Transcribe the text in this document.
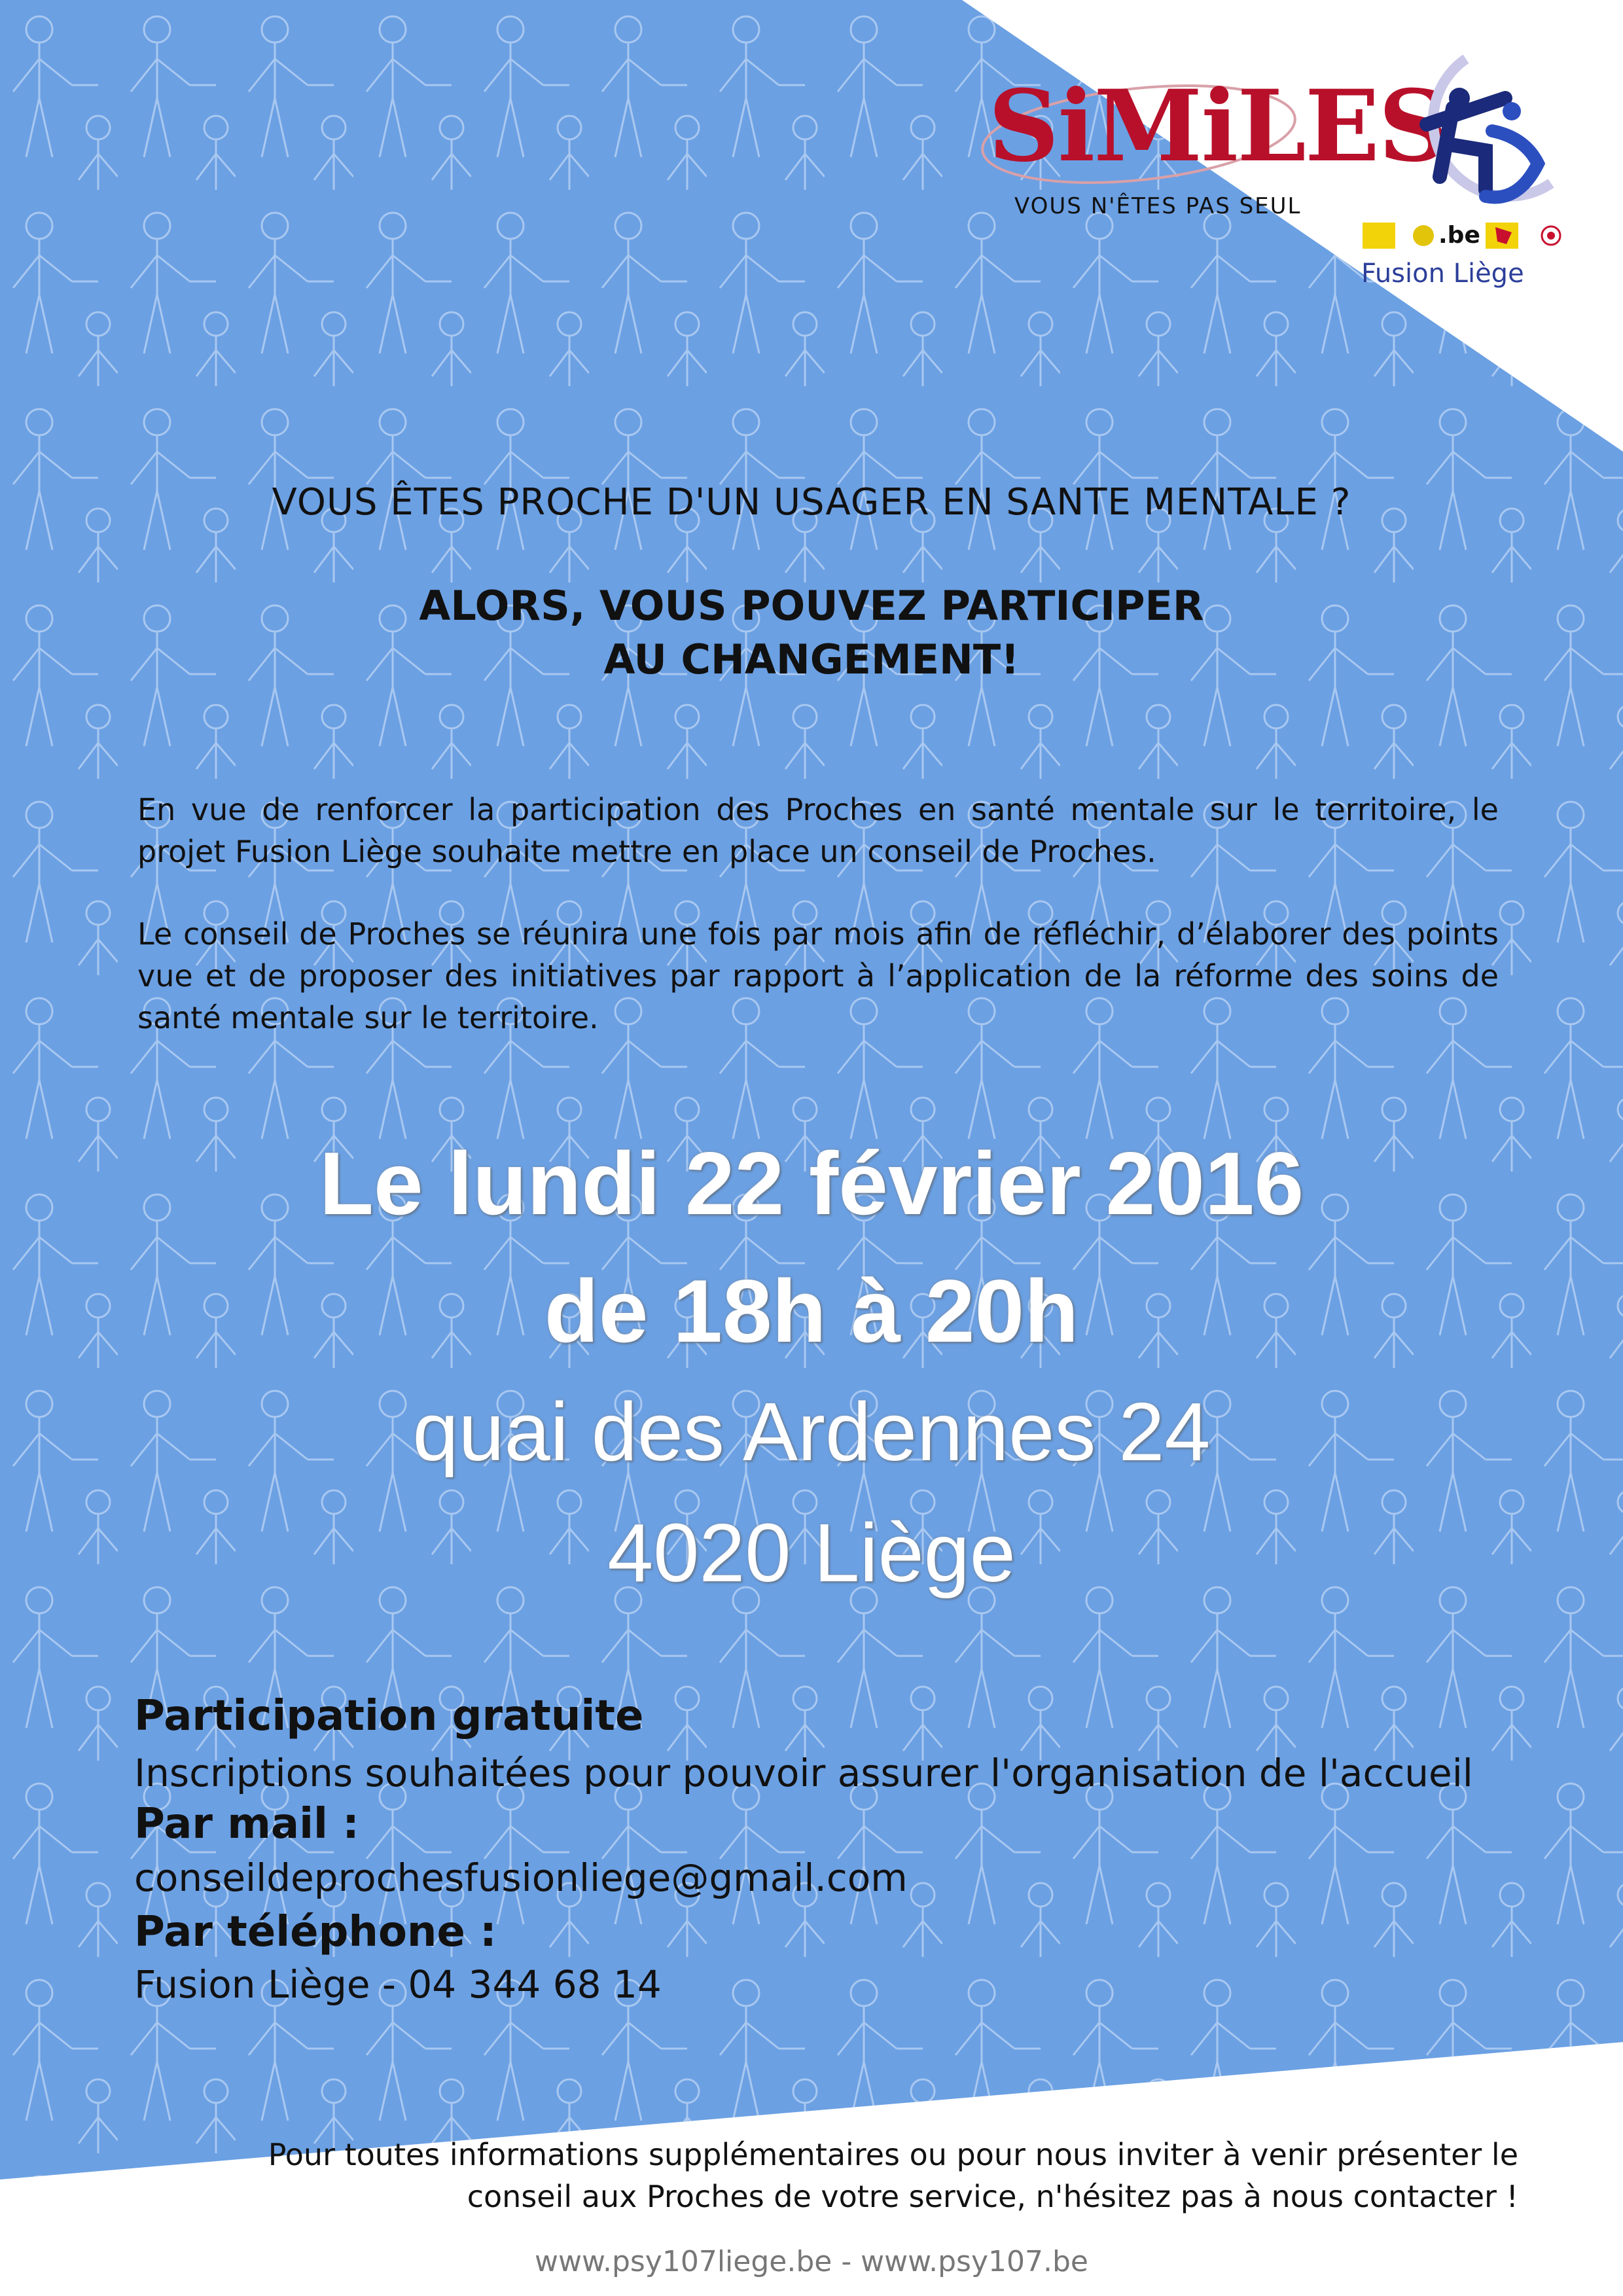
SiMiLES
VOUS N'ÊTES PAS SEUL
.be
Fusion Liège
VOUS ÊTES PROCHE D'UN USAGER EN SANTE MENTALE ?
ALORS, VOUS POUVEZ PARTICIPER
AU CHANGEMENT!
En vue de renforcer la participation des Proches en santé mentale sur le territoire, le projet Fusion Liège souhaite mettre en place un conseil de Proches.
Le conseil de Proches se réunira une fois par mois afin de réfléchir, d’élaborer des points vue et de proposer des initiatives par rapport à l’application de la réforme des soins de santé mentale sur le territoire.
Le lundi 22 février 2016
de 18h à 20h
quai des Ardennes 24
4020 Liège
Participation gratuite
Inscriptions souhaitées pour pouvoir assurer l'organisation de l'accueil
Par mail :
conseildeprochesfusionliege@gmail.com
Par téléphone :
Fusion Liège - 04 344 68 14
Pour toutes informations supplémentaires ou pour nous inviter à venir présenter le
conseil aux Proches de votre service, n'hésitez pas à nous contacter !
www.psy107liege.be - www.psy107.be
